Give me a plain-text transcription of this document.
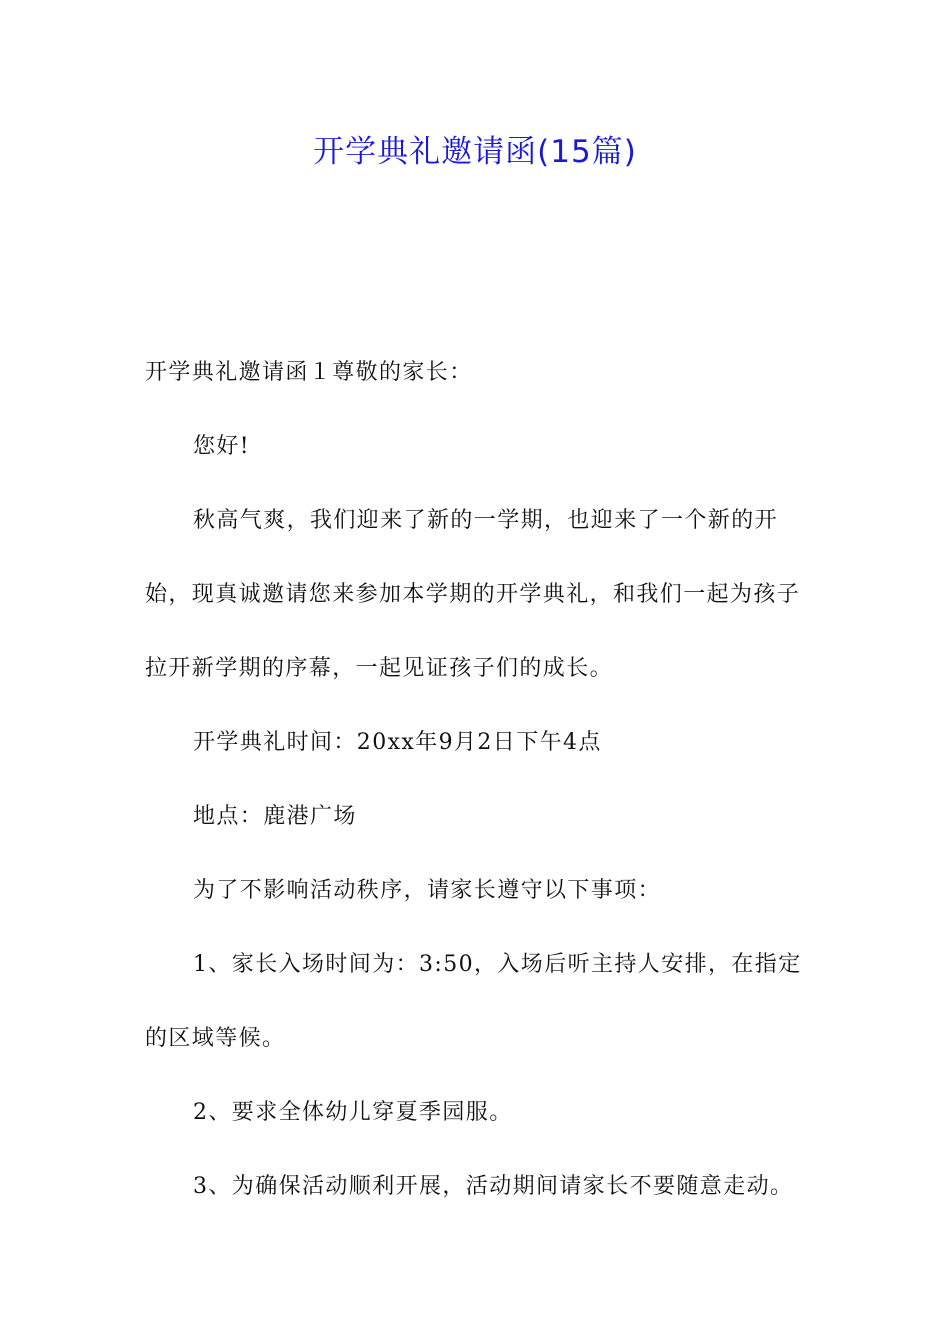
开学典礼邀请函(15篇)

开学典礼邀请函１尊敬的家长：

您好!

秋高气爽，我们迎来了新的一学期，也迎来了一个新的开始，现真诚邀请您来参加本学期的开学典礼，和我们一起为孩子拉开新学期的序幕，一起见证孩子们的成长。

开学典礼时间：20xx年9月2日下午4点

地点：鹿港广场

为了不影响活动秩序，请家长遵守以下事项：

1、家长入场时间为：3:50，入场后听主持人安排，在指定的区域等候。

2、要求全体幼儿穿夏季园服。

3、为确保活动顺利开展，活动期间请家长不要随意走动。
